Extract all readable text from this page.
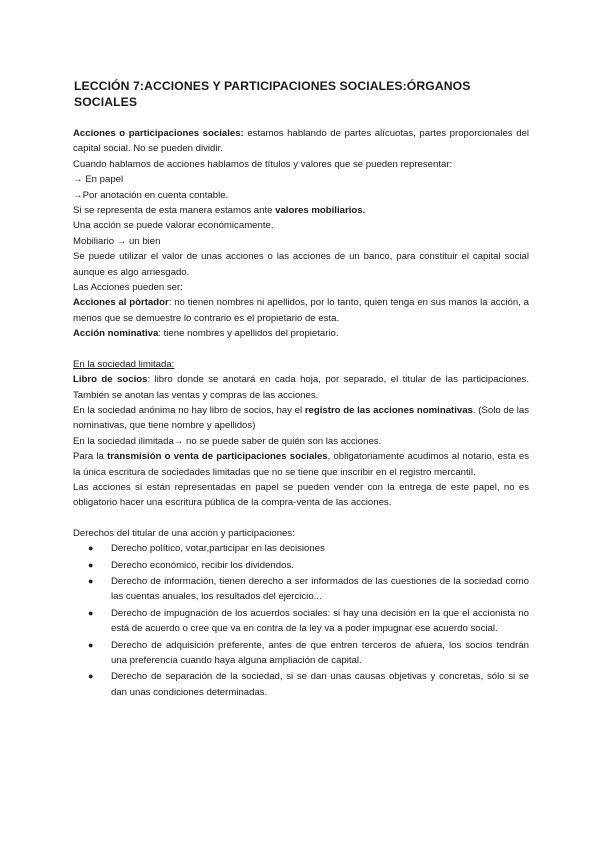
LECCIÓN 7:ACCIONES Y PARTICIPACIONES SOCIALES:ÓRGANOS SOCIALES

Acciones o participaciones sociales: estamos hablando de partes alícuotas, partes proporcionales del capital social. No se pueden dividir.

Cuando hablamos de acciones hablamos de títulos y valores que se pueden representar:

→ En papel

→Por anotación en cuenta contable.

Si se representa de esta manera estamos ante valores mobiliarios.

Una acción se puede valorar económicamente.

Mobiliario → un bien

Se puede utilizar el valor de unas acciones o las acciones de un banco, para constituir el capital social aunque es algo arriesgado.

Las Acciones pueden ser:

Acciones al pòrtador: no tienen nombres ni apellidos, por lo tanto, quien tenga en sus manos la acción, a menos que se demuestre lo contrario es el propietario de esta.

Acción nominativa: tiene nombres y apellidos del propietario.

En la sociedad limitada:

Libro de socios: libro donde se anotará en cada hoja, por separado, el titular de las participaciones. También se anotan las ventas y compras de las acciones.

En la sociedad anónima no hay libro de socios, hay el registro de las acciones nominativas. (Solo de las nominativas, que tiene nombre y apellidos)

En la sociedad ilimitada→ no se puede saber de quién son las acciones.

Para la transmisión o venta de participaciones sociales, obligatoriamente acudimos al notario, esta es la única escritura de sociedades limitadas que no se tiene que inscribir en el registro mercantil.

Las acciones sí están representadas en papel se pueden vender con la entrega de este papel, no es obligatorio hacer una escritura pública de la compra-venta de las acciones.

Derechos del titular de una acción y participaciones:

● Derecho político, votar,participar en las decisiones
● Derecho económico, recibir los dividendos.
● Derecho de información, tienen derecho a ser informados de las cuestiones de la sociedad como las cuentas anuales, los resultados del ejercicio...
● Derecho de impugnación de los acuerdos sociales: si hay una decisión en la que el accionista no está de acuerdo o cree que va en contra de la ley va a poder impugnar ese acuerdo social.
● Derecho de adquisición preferente, antes de que entren terceros de afuera, los socios tendrán una preferencia cuando haya alguna ampliación de capital.
● Derecho de separación de la sociedad, si se dan unas causas objetivas y concretas, sólo si se dan unas condiciones determinadas.
